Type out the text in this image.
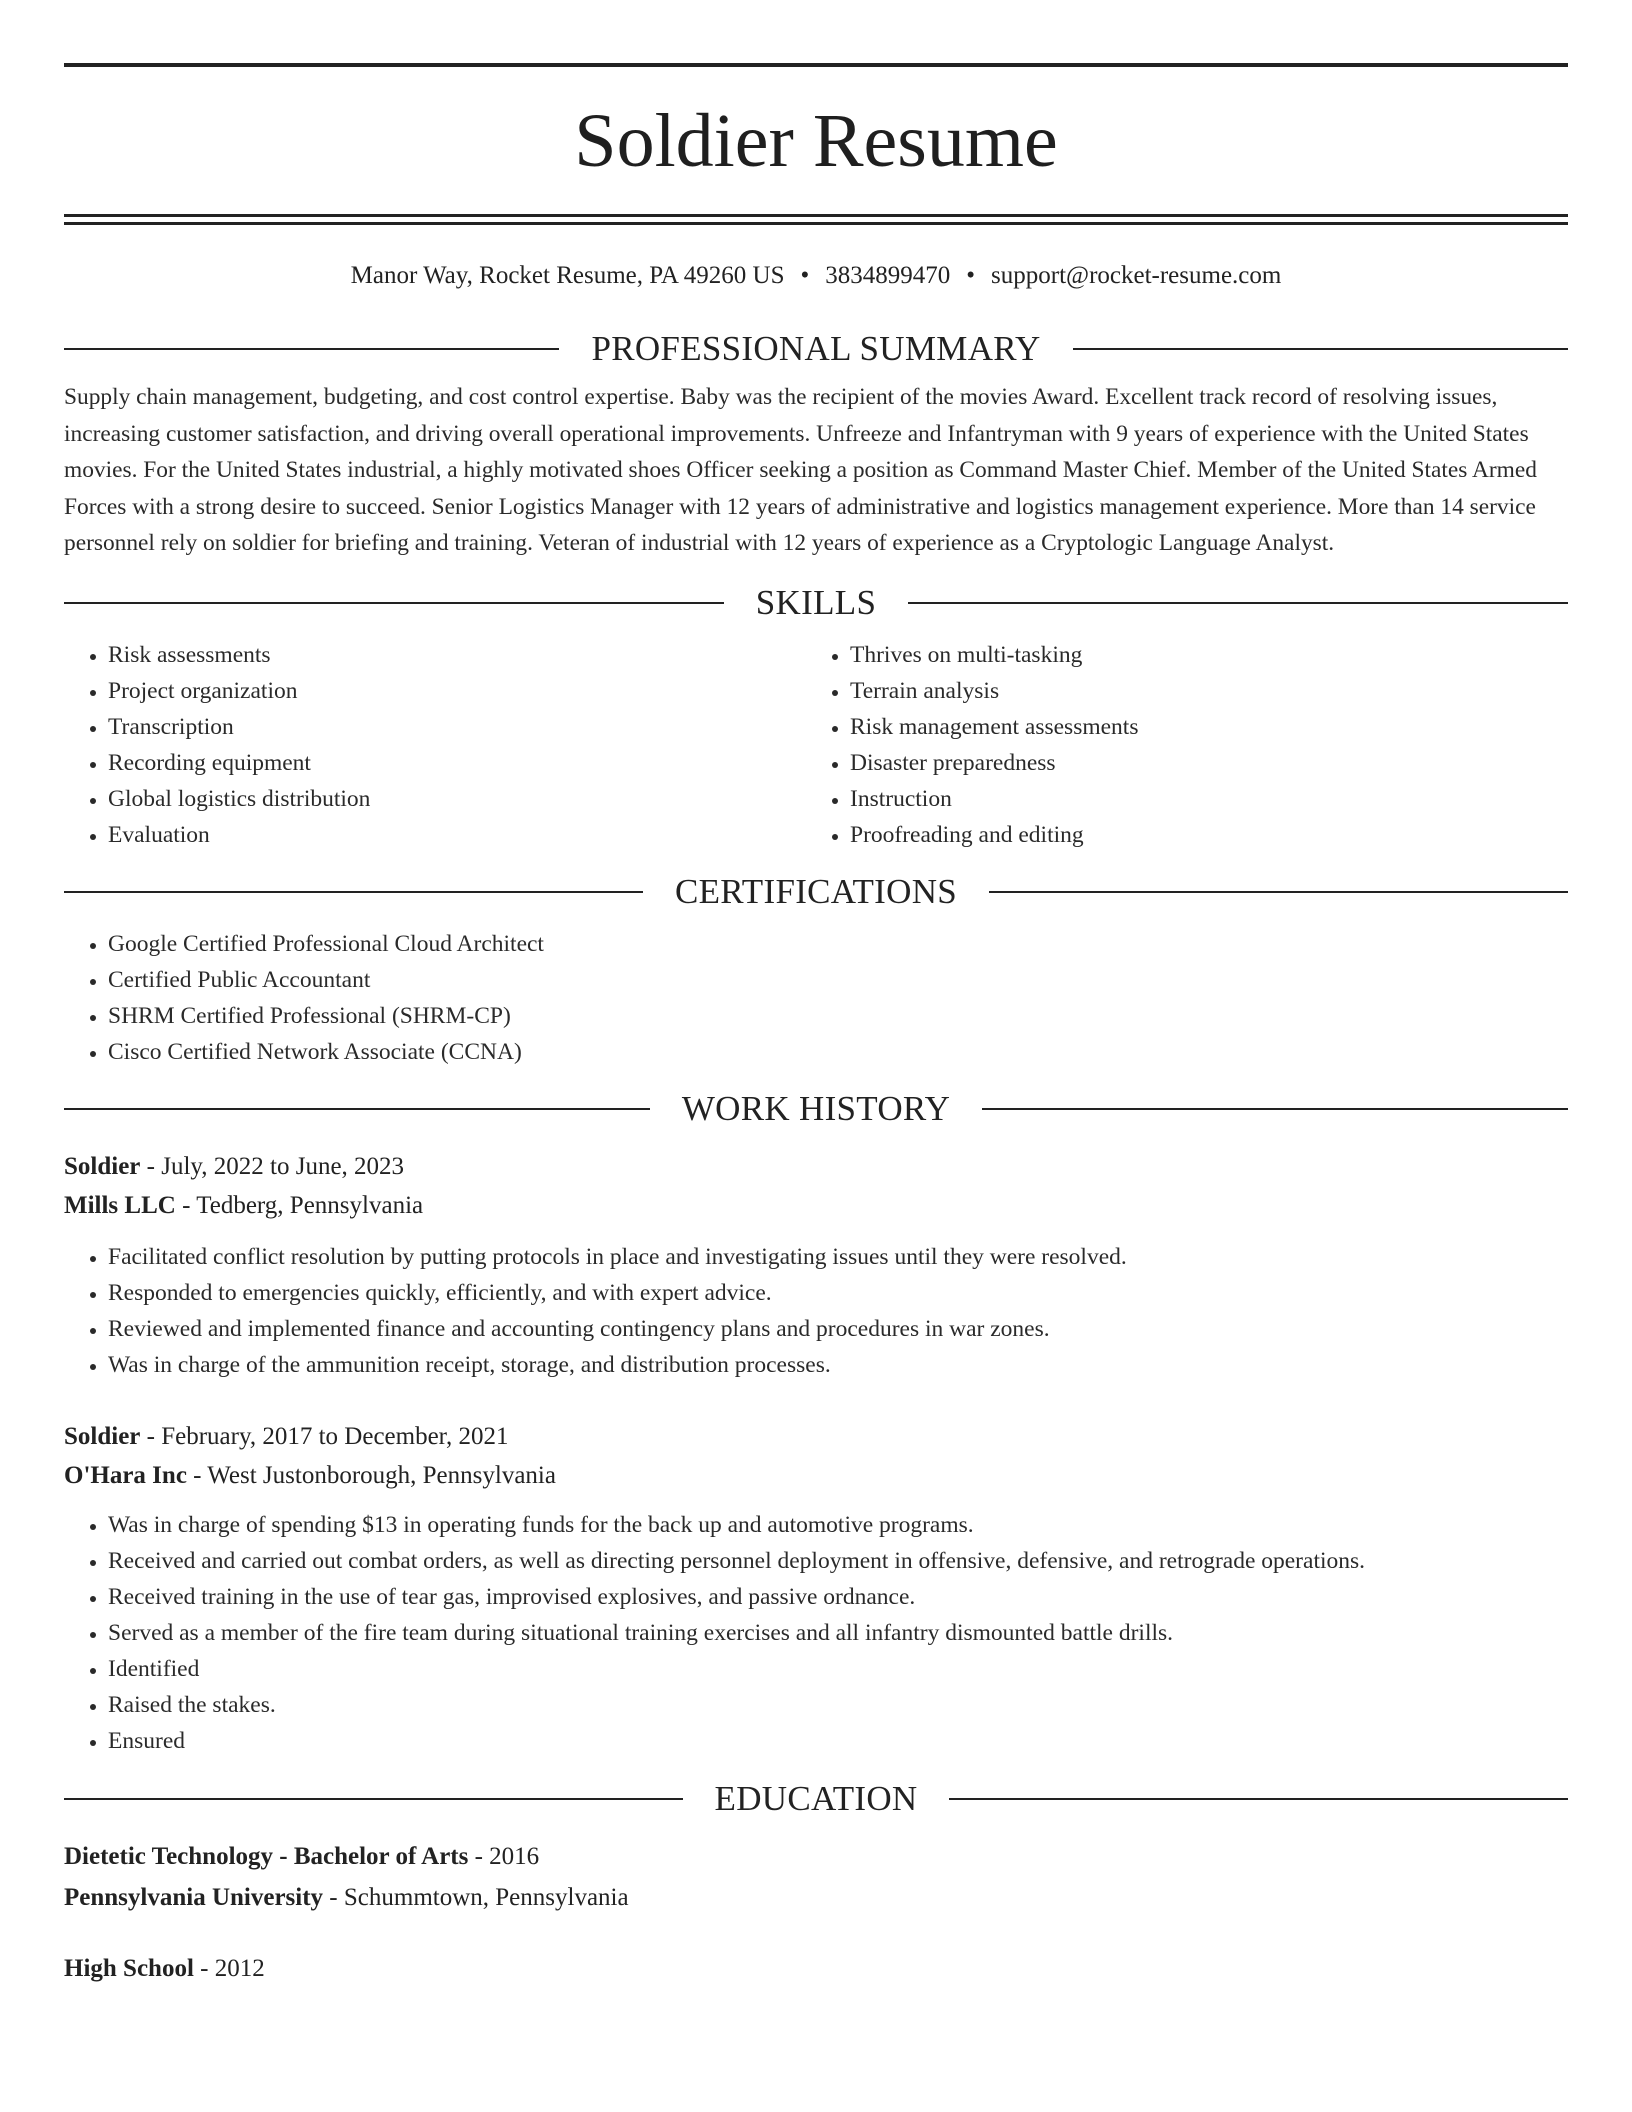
Soldier Resume
Manor Way, Rocket Resume, PA 49260 US • 3834899470 • support@rocket-resume.com
PROFESSIONAL SUMMARY
Supply chain management, budgeting, and cost control expertise. Baby was the recipient of the movies Award. Excellent track record of resolving issues, increasing customer satisfaction, and driving overall operational improvements. Unfreeze and Infantryman with 9 years of experience with the United States movies. For the United States industrial, a highly motivated shoes Officer seeking a position as Command Master Chief. Member of the United States Armed Forces with a strong desire to succeed. Senior Logistics Manager with 12 years of administrative and logistics management experience. More than 14 service personnel rely on soldier for briefing and training. Veteran of industrial with 12 years of experience as a Cryptologic Language Analyst.
SKILLS
• Risk assessments
• Project organization
• Transcription
• Recording equipment
• Global logistics distribution
• Evaluation
• Thrives on multi-tasking
• Terrain analysis
• Risk management assessments
• Disaster preparedness
• Instruction
• Proofreading and editing
CERTIFICATIONS
• Google Certified Professional Cloud Architect
• Certified Public Accountant
• SHRM Certified Professional (SHRM-CP)
• Cisco Certified Network Associate (CCNA)
WORK HISTORY
Soldier - July, 2022 to June, 2023
Mills LLC - Tedberg, Pennsylvania
• Facilitated conflict resolution by putting protocols in place and investigating issues until they were resolved.
• Responded to emergencies quickly, efficiently, and with expert advice.
• Reviewed and implemented finance and accounting contingency plans and procedures in war zones.
• Was in charge of the ammunition receipt, storage, and distribution processes.
Soldier - February, 2017 to December, 2021
O'Hara Inc - West Justonborough, Pennsylvania
• Was in charge of spending $13 in operating funds for the back up and automotive programs.
• Received and carried out combat orders, as well as directing personnel deployment in offensive, defensive, and retrograde operations.
• Received training in the use of tear gas, improvised explosives, and passive ordnance.
• Served as a member of the fire team during situational training exercises and all infantry dismounted battle drills.
• Identified
• Raised the stakes.
• Ensured
EDUCATION
Dietetic Technology - Bachelor of Arts - 2016
Pennsylvania University - Schummtown, Pennsylvania
High School - 2012
